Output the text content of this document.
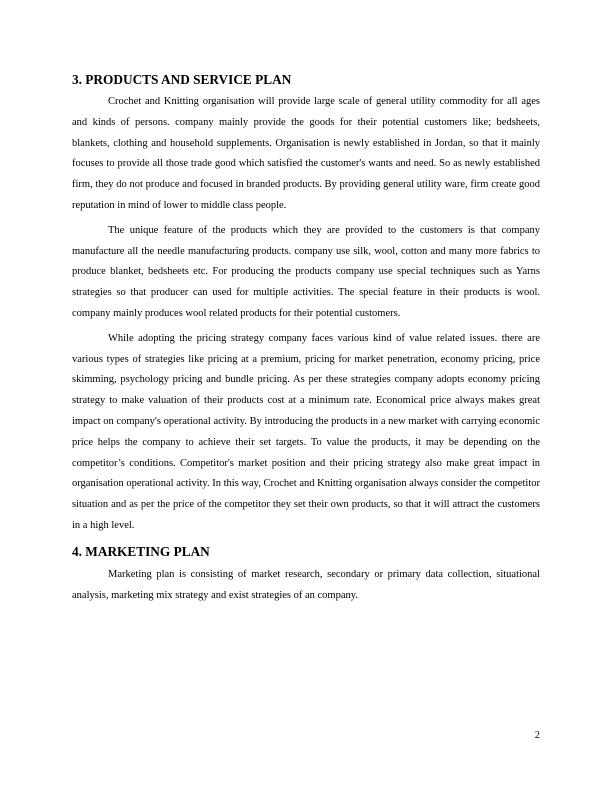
3. PRODUCTS AND SERVICE PLAN

Crochet and Knitting organisation will provide large scale of general utility commodity for all ages and kinds of persons. company mainly provide the goods for their potential customers like; bedsheets, blankets, clothing and household supplements. Organisation is newly established in Jordan, so that it mainly focuses to provide all those trade good which satisfied the customer's wants and need. So as newly established firm, they do not produce and focused in branded products. By providing general utility ware, firm create good reputation in mind of lower to middle class people.

The unique feature of the products which they are provided to the customers is that company manufacture all the needle manufacturing products. company use silk, wool, cotton and many more fabrics to produce blanket, bedsheets etc. For producing the products company use special techniques such as Yarns strategies so that producer can used for multiple activities. The special feature in their products is wool. company mainly produces wool related products for their potential customers.

While adopting the pricing strategy company faces various kind of value related issues. there are various types of strategies like pricing at a premium, pricing for market penetration, economy pricing, price skimming, psychology pricing and bundle pricing. As per these strategies company adopts economy pricing strategy to make valuation of their products cost at a minimum rate. Economical price always makes great impact on company's operational activity. By introducing the products in a new market with carrying economic price helps the company to achieve their set targets. To value the products, it may be depending on the competitor’s conditions. Competitor's market position and their pricing strategy also make great impact in organisation operational activity. In this way, Crochet and Knitting organisation always consider the competitor situation and as per the price of the competitor they set their own products, so that it will attract the customers in a high level.

4. MARKETING PLAN

Marketing plan is consisting of market research, secondary or primary data collection, situational analysis, marketing mix strategy and exist strategies of an company.

2
